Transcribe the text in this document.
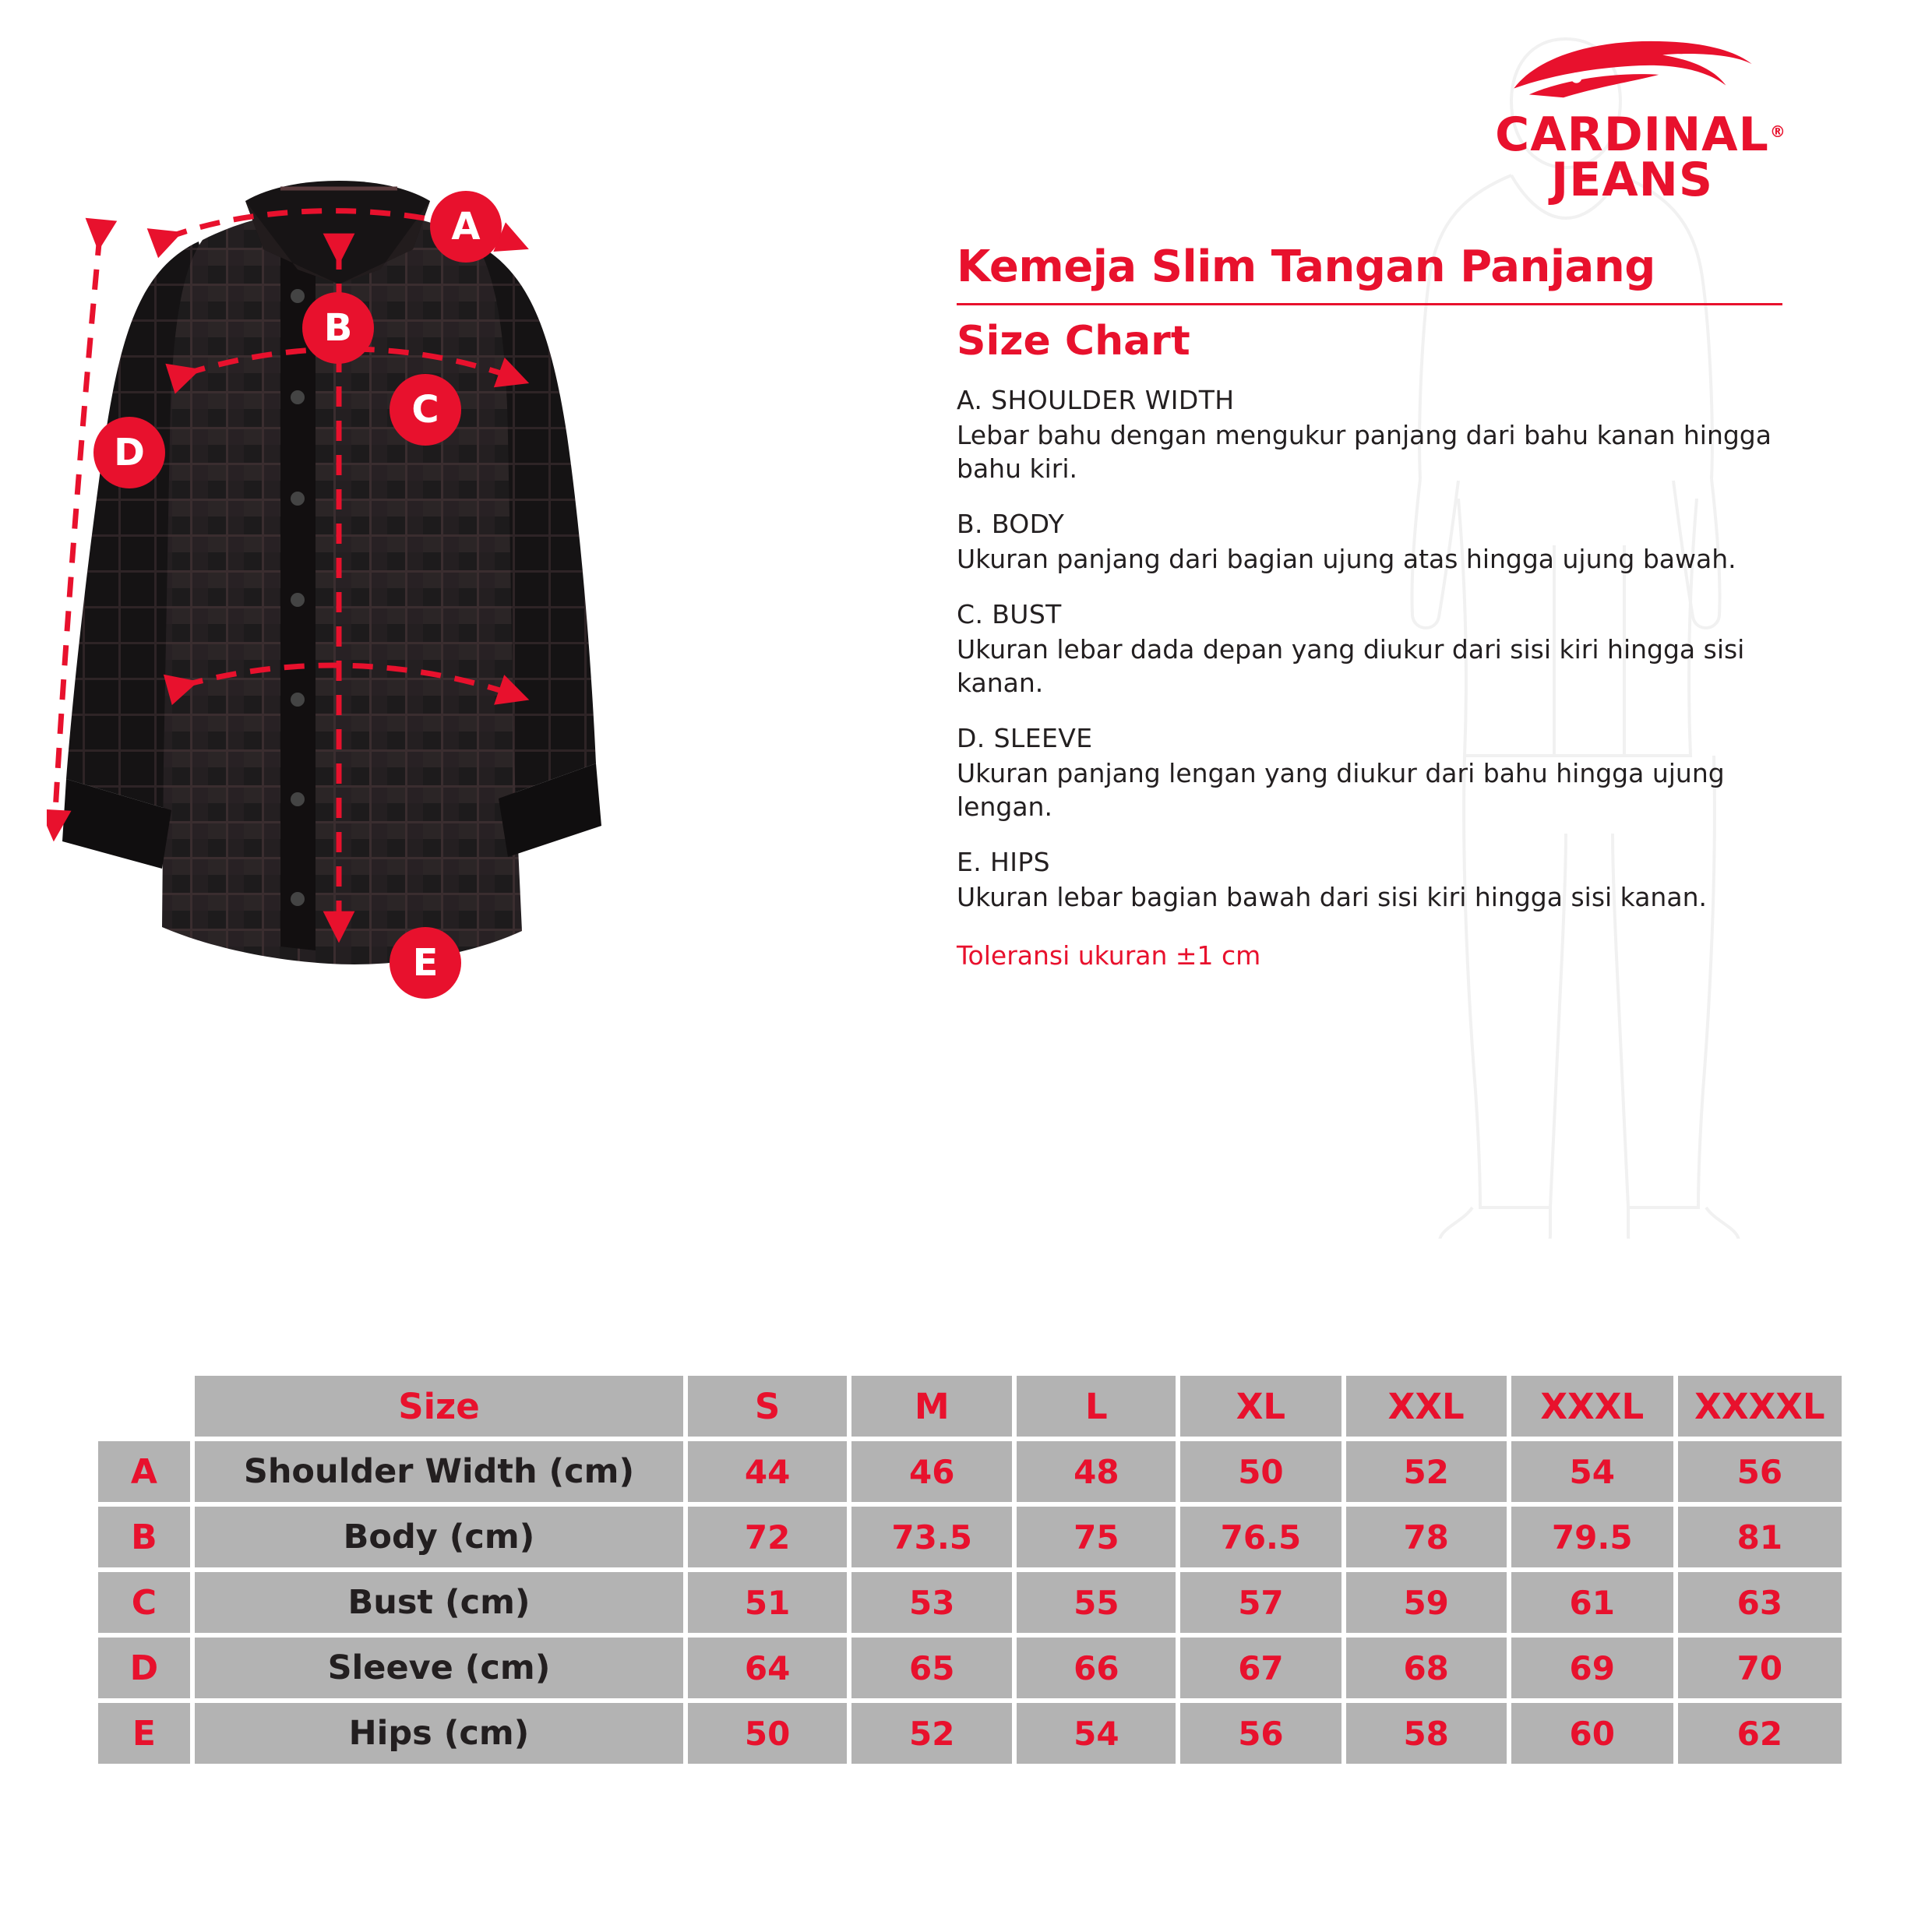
CARDINAL
JEANS
®
A
B
C
D
E
Kemeja Slim Tangan Panjang
Size Chart
A. SHOULDER WIDTH
Lebar bahu dengan mengukur panjang dari bahu kanan hingga bahu kiri.
B. BODY
Ukuran panjang dari bagian ujung atas hingga ujung bawah.
C. BUST
Ukuran lebar dada depan yang diukur dari sisi kiri hingga sisi kanan.
D. SLEEVE
Ukuran panjang lengan yang diukur dari bahu hingga ujung lengan.
E. HIPS
Ukuran lebar bagian bawah dari sisi kiri hingga sisi kanan.
Toleransi ukuran ±1 cm
	Size	S	M	L	XL	XXL	XXXL	XXXXL
A	Shoulder Width (cm)	44	46	48	50	52	54	56
B	Body (cm)	72	73.5	75	76.5	78	79.5	81
C	Bust (cm)	51	53	55	57	59	61	63
D	Sleeve (cm)	64	65	66	67	68	69	70
E	Hips (cm)	50	52	54	56	58	60	62
